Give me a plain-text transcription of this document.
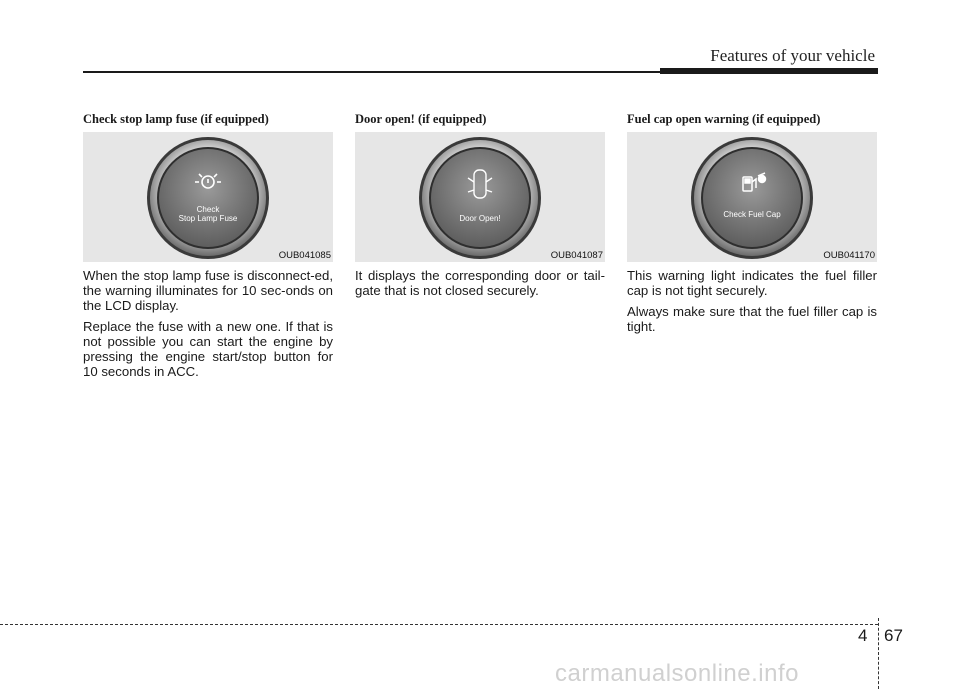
Features of your vehicle
Check stop lamp fuse (if equipped)
Check
Stop Lamp Fuse
OUB041085

When the stop lamp fuse is disconnect-ed, the warning illuminates for 10 sec-onds on the LCD display.

Replace the fuse with a new one. If that is not possible you can start the engine by pressing the engine start/stop button for 10 seconds in ACC.

Door open! (if equipped)
Door Open!
OUB041087

It displays the corresponding door or tail-gate that is not closed securely.

Fuel cap open warning (if equipped)
Check Fuel Cap
OUB041170

This warning light indicates the fuel filler cap is not tight securely.

Always make sure that the fuel filler cap is tight.

4 67
carmanualsonline.info
